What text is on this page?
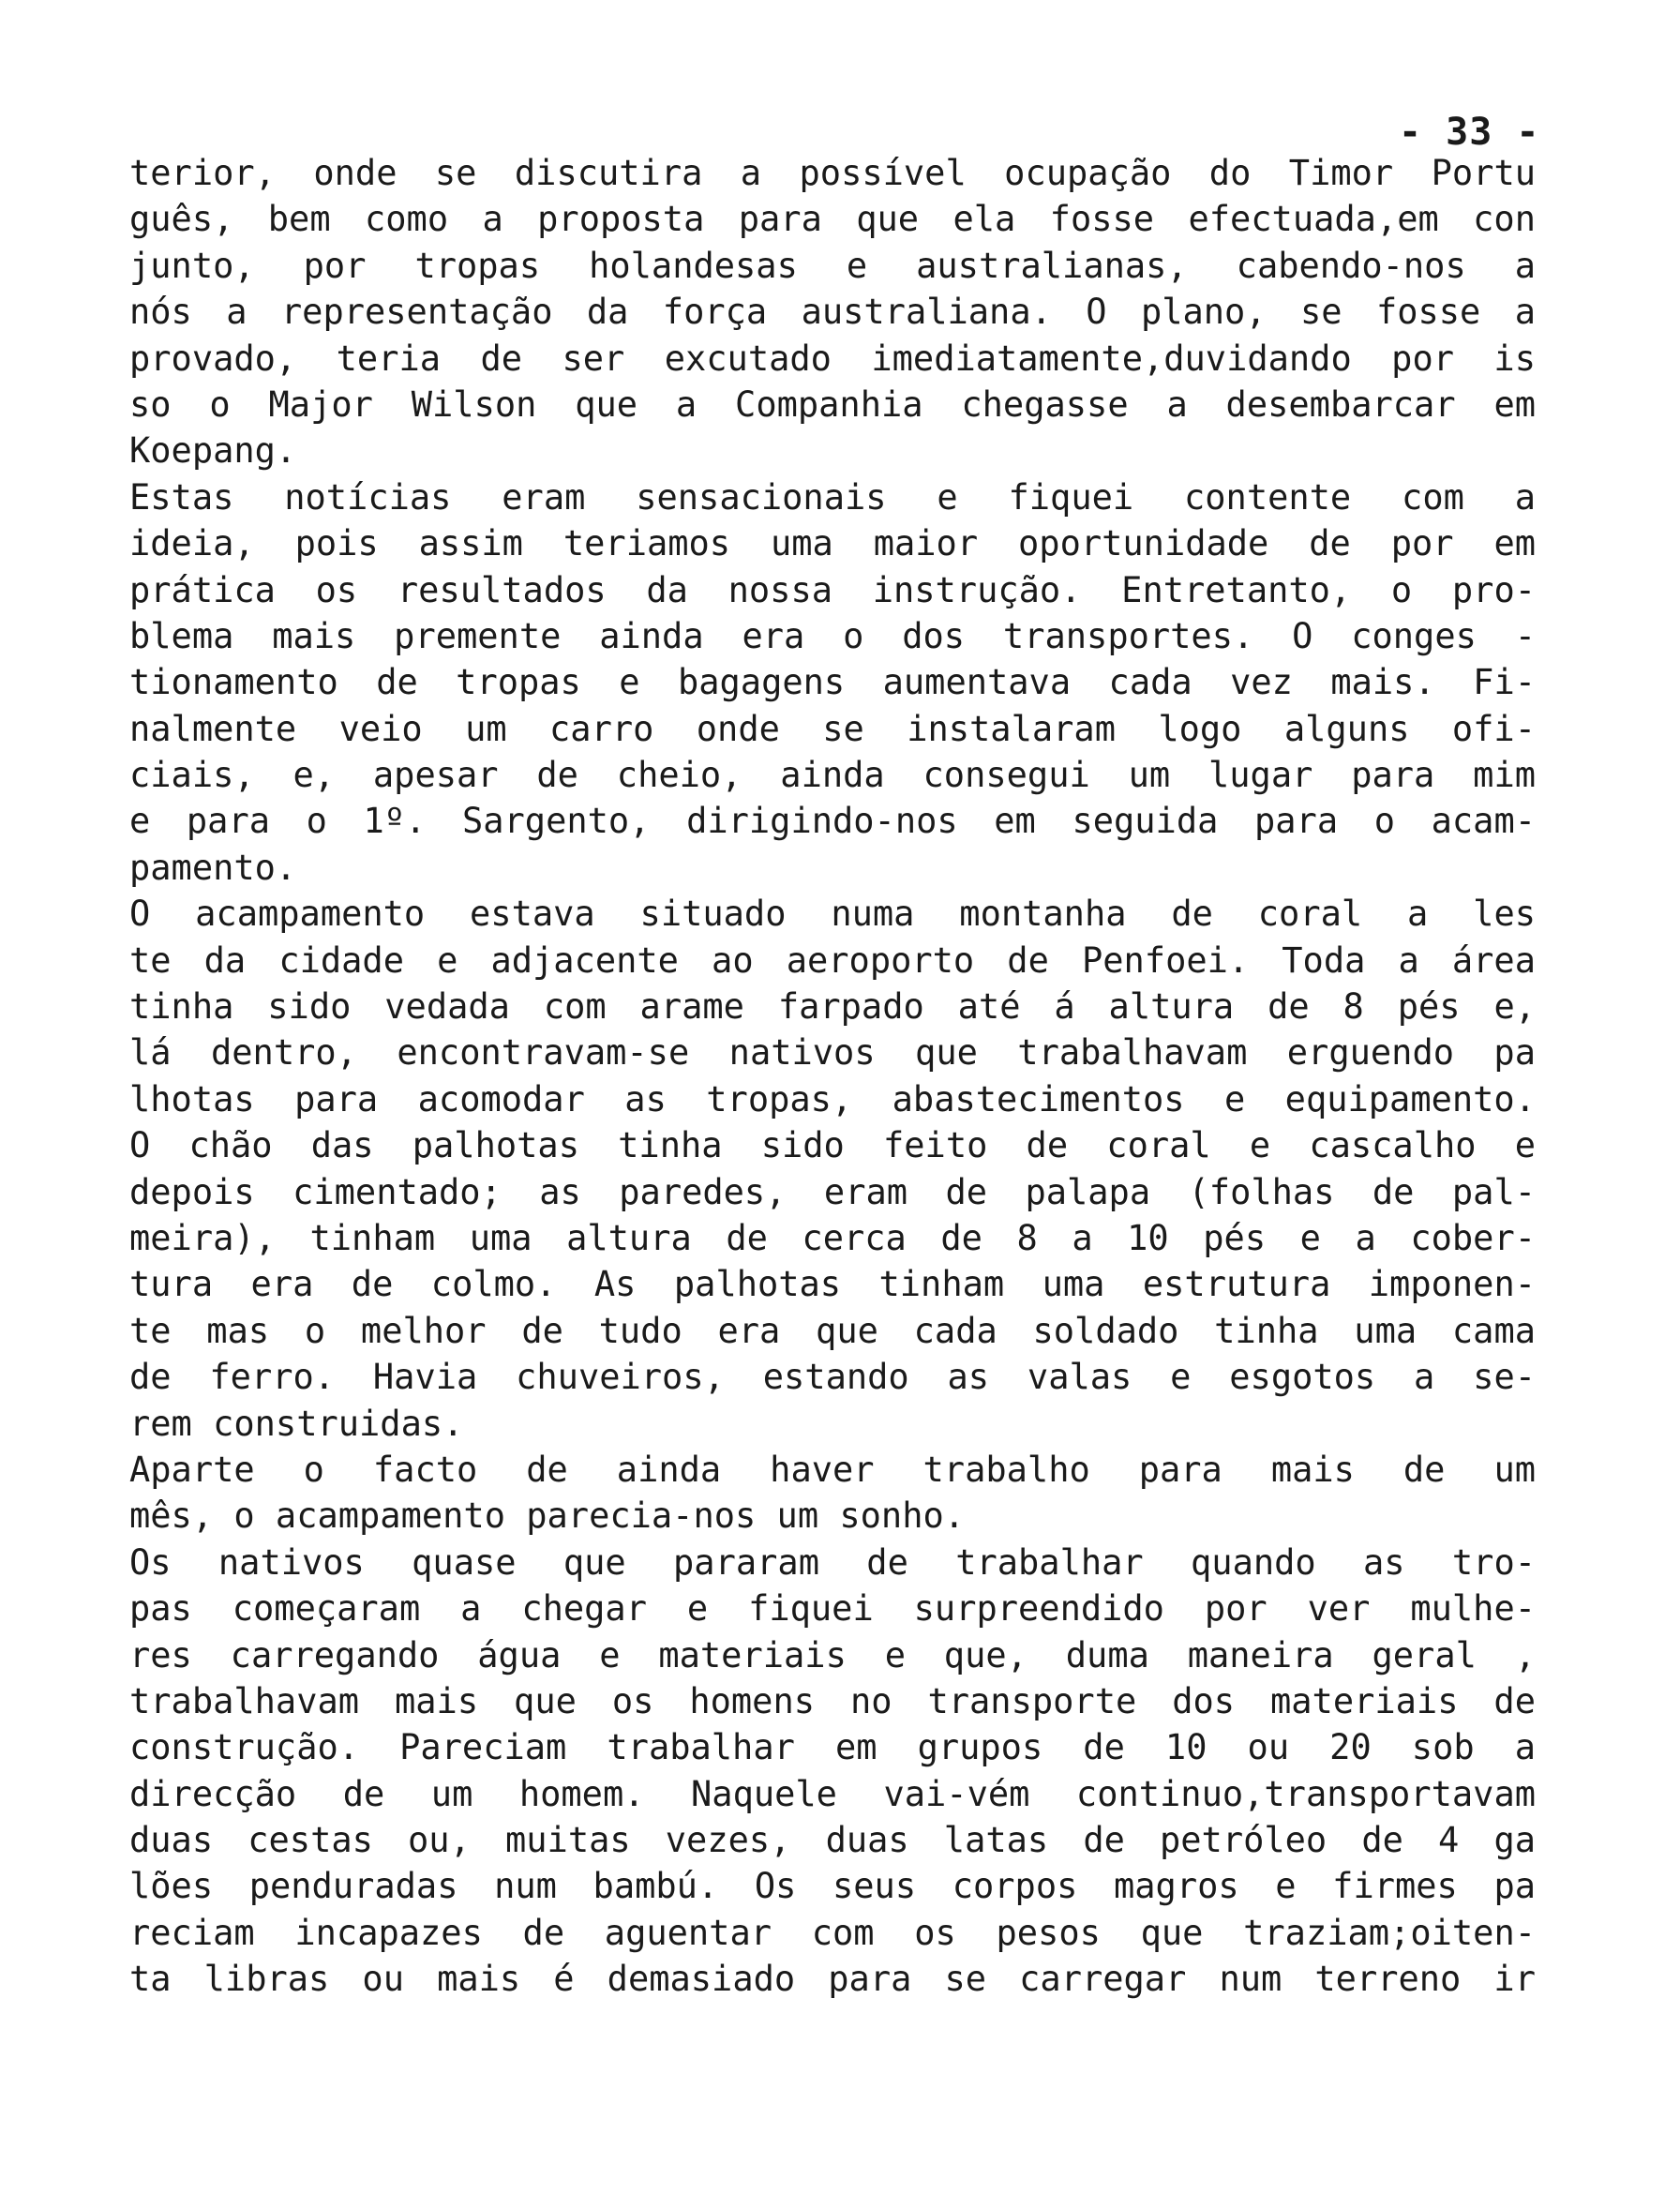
- 33 -
terior, onde se discutira a possível ocupação do Timor Portu
guês, bem como a proposta para que ela fosse efectuada,em con
junto, por tropas holandesas e australianas, cabendo-nos a
nós a representação da força australiana. O plano, se fosse a
provado, teria de ser excutado imediatamente,duvidando por is
so o Major Wilson que a Companhia chegasse a desembarcar em
Koepang.
Estas notícias eram sensacionais e fiquei contente com a
ideia, pois assim teriamos uma maior oportunidade de por em
prática os resultados da nossa instrução. Entretanto, o pro-
blema mais premente ainda era o dos transportes. O conges -
tionamento de tropas e bagagens aumentava cada vez mais. Fi-
nalmente veio um carro onde se instalaram logo alguns ofi-
ciais, e, apesar de cheio, ainda consegui um lugar para mim
e para o 1º. Sargento, dirigindo-nos em seguida para o acam-
pamento.
O acampamento estava situado numa montanha de coral a les
te da cidade e adjacente ao aeroporto de Penfoei. Toda a área
tinha sido vedada com arame farpado até á altura de 8 pés e,
lá dentro, encontravam-se nativos que trabalhavam erguendo pa
lhotas para acomodar as tropas, abastecimentos e equipamento.
O chão das palhotas tinha sido feito de coral e cascalho e
depois cimentado; as paredes, eram de palapa (folhas de pal-
meira), tinham uma altura de cerca de 8 a 10 pés e a cober-
tura era de colmo. As palhotas tinham uma estrutura imponen-
te mas o melhor de tudo era que cada soldado tinha uma cama
de ferro. Havia chuveiros, estando as valas e esgotos a se-
rem construidas.
Aparte o facto de ainda haver trabalho para mais de um
mês, o acampamento parecia-nos um sonho.
Os nativos quase que pararam de trabalhar quando as tro-
pas começaram a chegar e fiquei surpreendido por ver mulhe-
res carregando água e materiais e que, duma maneira geral ,
trabalhavam mais que os homens no transporte dos materiais de
construção. Pareciam trabalhar em grupos de 10 ou 20 sob a
direcção de um homem. Naquele vai-vém continuo,transportavam
duas cestas ou, muitas vezes, duas latas de petróleo de 4 ga
lões penduradas num bambú. Os seus corpos magros e firmes pa
reciam incapazes de aguentar com os pesos que traziam;oiten-
ta libras ou mais é demasiado para se carregar num terreno ir
